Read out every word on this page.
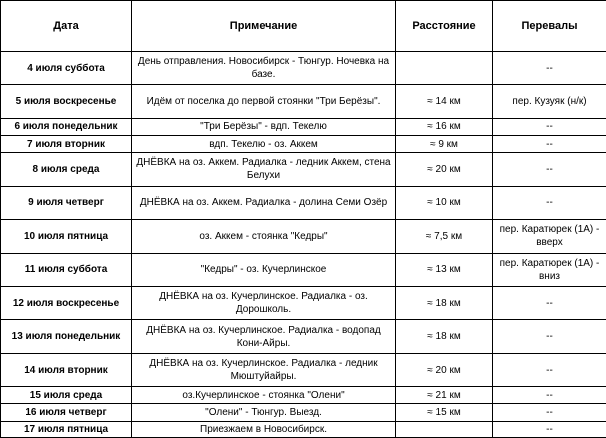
Дата	Примечание	Расстояние	Перевалы
4 июля суббота	День отправления. Новосибирск - Тюнгур. Ночевка на базе.		--
5 июля воскресенье	Идём от поселка до первой стоянки "Три Берёзы".	≈ 14 км	пер. Кузуяк (н/к)
6 июля понедельник	"Три Берёзы" - вдп. Текелю	≈ 16 км	--
7 июля вторник	вдп. Текелю - оз. Аккем	≈ 9 км	--
8 июля среда	ДНЁВКА на оз. Аккем. Радиалка - ледник Аккем, стена Белухи	≈ 20 км	--
9 июля четверг	ДНЁВКА на оз. Аккем. Радиалка - долина Семи Озёр	≈ 10 км	--
10 июля пятница	оз. Аккем - стоянка "Кедры"	≈ 7,5 км	пер. Каратюрек (1А) - вверх
11 июля суббота	"Кедры" - оз. Кучерлинское	≈ 13 км	пер. Каратюрек (1А) - вниз
12 июля воскресенье	ДНЁВКА на оз. Кучерлинское. Радиалка - оз. Дорошколь.	≈ 18 км	--
13 июля понедельник	ДНЁВКА на оз. Кучерлинское. Радиалка - водопад Кони-Айры.	≈ 18 км	--
14 июля вторник	ДНЁВКА на оз. Кучерлинское. Радиалка - ледник Мюштуйайры.	≈ 20 км	--
15 июля среда	оз.Кучерлинское - стоянка "Олени"	≈ 21 км	--
16 июля четверг	"Олени" - Тюнгур. Выезд.	≈ 15 км	--
17 июля пятница	Приезжаем в Новосибирск.		--
